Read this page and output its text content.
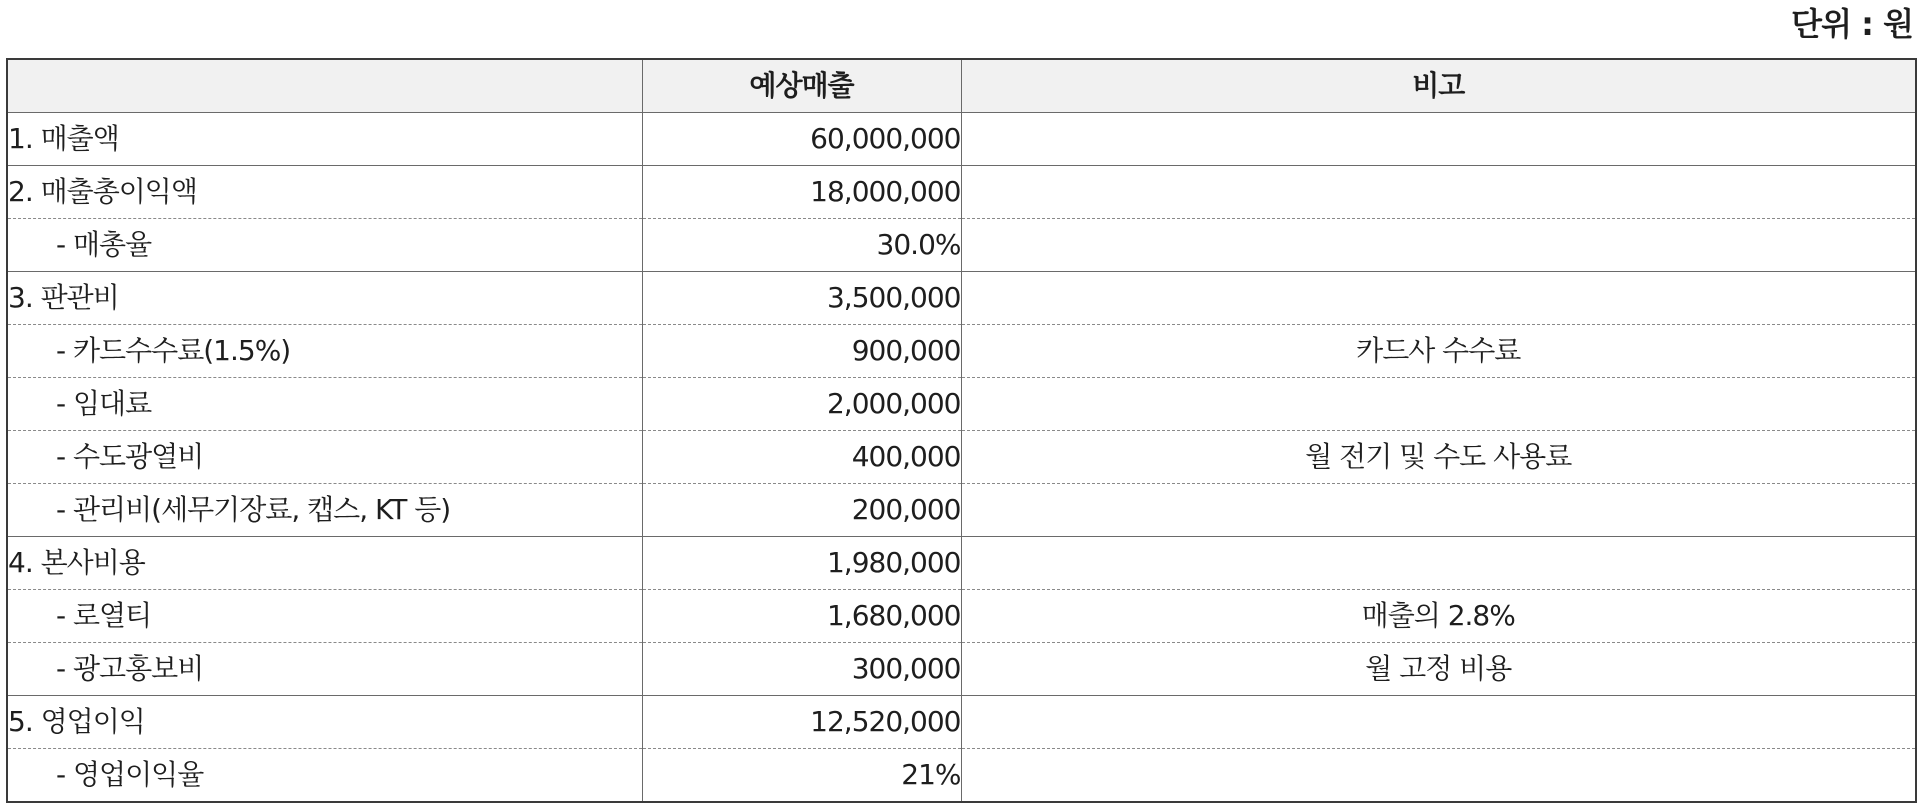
단위 : 원
	예상매출	비고
1. 매출액	60,000,000	
2. 매출총이익액	18,000,000	
- 매총율	30.0%	
3. 판관비	3,500,000	
- 카드수수료(1.5%)	900,000	카드사 수수료
- 임대료	2,000,000	
- 수도광열비	400,000	월 전기 및 수도 사용료
- 관리비(세무기장료, 캡스, KT 등)	200,000	
4. 본사비용	1,980,000	
- 로열티	1,680,000	매출의 2.8%
- 광고홍보비	300,000	월 고정 비용
5. 영업이익	12,520,000	
- 영업이익율	21%	
